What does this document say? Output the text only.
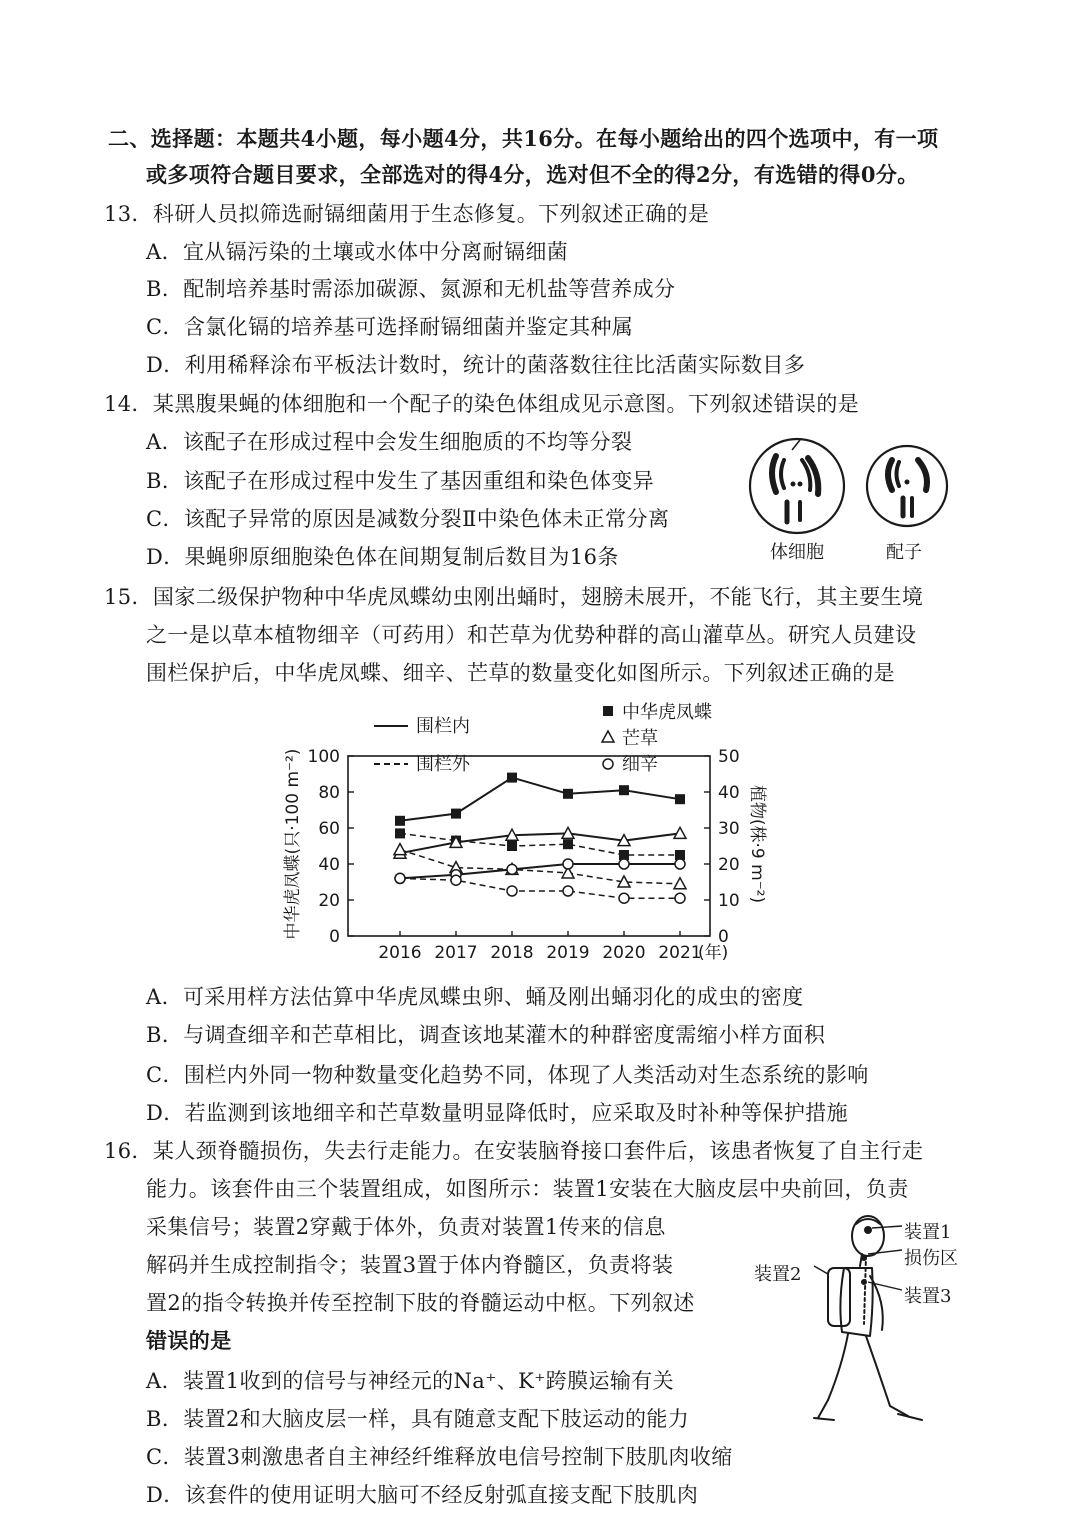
二、选择题：本题共4小题，每小题4分，共16分。在每小题给出的四个选项中，有一项
或多项符合题目要求，全部选对的得4分，选对但不全的得2分，有选错的得0分。
13．科研人员拟筛选耐镉细菌用于生态修复。下列叙述正确的是
A．宜从镉污染的土壤或水体中分离耐镉细菌
B．配制培养基时需添加碳源、氮源和无机盐等营养成分
C．含氯化镉的培养基可选择耐镉细菌并鉴定其种属
D．利用稀释涂布平板法计数时，统计的菌落数往往比活菌实际数目多
14．某黑腹果蝇的体细胞和一个配子的染色体组成见示意图。下列叙述错误的是
A．该配子在形成过程中会发生细胞质的不均等分裂
B．该配子在形成过程中发生了基因重组和染色体变异
C．该配子异常的原因是减数分裂Ⅱ中染色体未正常分离
D．果蝇卵原细胞染色体在间期复制后数目为16条	体细胞	配子
15．国家二级保护物种中华虎凤蝶幼虫刚出蛹时，翅膀未展开，不能飞行，其主要生境
之一是以草本植物细辛（可药用）和芒草为优势种群的高山灌草丛。研究人员建设
围栏保护后，中华虎凤蝶、细辛、芒草的数量变化如图所示。下列叙述正确的是
围栏内
围栏外
中华虎凤蝶
芒草
细辛
中华虎凤蝶(只·100 m⁻²)	植物(株·9 m⁻²)
(年)
0
20
40
60
80
100
0
10
20
30
40
50
2016 2017 2018 2019 2020 2021
A．可采用样方法估算中华虎凤蝶虫卵、蛹及刚出蛹羽化的成虫的密度
B．与调查细辛和芒草相比，调查该地某灌木的种群密度需缩小样方面积
C．围栏内外同一物种数量变化趋势不同，体现了人类活动对生态系统的影响
D．若监测到该地细辛和芒草数量明显降低时，应采取及时补种等保护措施
16．某人颈脊髓损伤，失去行走能力。在安装脑脊接口套件后，该患者恢复了自主行走
能力。该套件由三个装置组成，如图所示：装置1安装在大脑皮层中央前回，负责
采集信号；装置2穿戴于体外，负责对装置1传来的信息
解码并生成控制指令；装置3置于体内脊髓区，负责将装
置2的指令转换并传至控制下肢的脊髓运动中枢。下列叙述
错误的是
A．装置1收到的信号与神经元的Na⁺、K⁺跨膜运输有关
B．装置2和大脑皮层一样，具有随意支配下肢运动的能力
C．装置3刺激患者自主神经纤维释放电信号控制下肢肌肉收缩
D．该套件的使用证明大脑可不经反射弧直接支配下肢肌肉
装置1
损伤区
装置2
装置3
